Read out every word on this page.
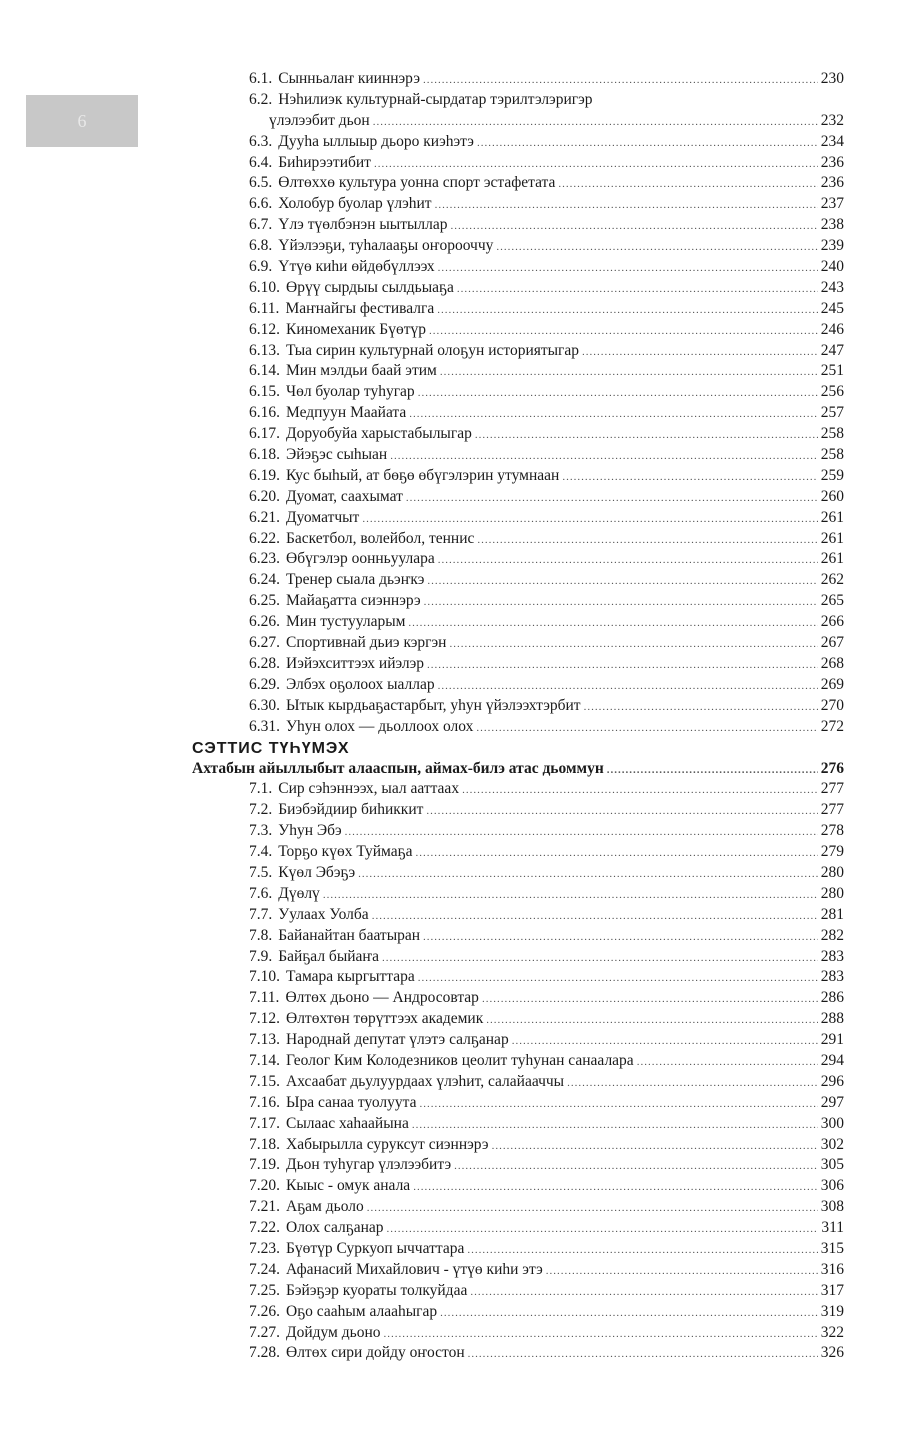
6
6.1. Сынньалаҥ кииннэрэ .....	230
6.2. Нэһилиэк культурнай-сырдатар тэрилтэлэригэр
үлэлээбит дьон .....	232
6.3. Дууһа ыллыыр дьоро киэһэтэ .....	234
6.4. Биһирээтибит .....	236
6.5. Өлтөххө культура уонна спорт эстафетата .....	236
6.6. Холобур буолар үлэһит .....	237
6.7. Үлэ түөлбэнэн ыытыллар .....	238
6.8. Үйэлээҕи, туһалааҕы оҥорооччу .....	239
6.9. Үтүө киһи өйдөбүллээх .....	240
6.10. Өрүү сырдыы сылдьыаҕа .....	243
6.11. Маҥнайгы фестивалга .....	245
6.12. Киномеханик Бүөтүр .....	246
6.13. Тыа сирин культурнай олоҕун историятыгар .....	247
6.14. Мин мэлдьи баай этим .....	251
6.15. Чөл буолар туһугар .....	256
6.16. Медпуун Маайата .....	257
6.17. Доруобуйа харыстабылыгар .....	258
6.18. Эйэҕэс сыһыан .....	258
6.19. Кус быһый, ат бөҕө өбүгэлэрин утумнаан .....	259
6.20. Дуомат, саахымат .....	260
6.21. Дуоматчыт .....	261
6.22. Баскетбол, волейбол, теннис .....	261
6.23. Өбүгэлэр оонньуулара .....	261
6.24. Тренер сыала дьэҥкэ .....	262
6.25. Майаҕатта сиэннэрэ .....	265
6.26. Мин тустууларым .....	266
6.27. Спортивнай дьиэ кэргэн .....	267
6.28. Иэйэхситтээх ийэлэр .....	268
6.29. Элбэх оҕолоох ыаллар .....	269
6.30. Ытык кырдьаҕастарбыт, уһун үйэлээхтэрбит .....	270
6.31. Уһун олох — дьоллоох олох .....	272
СЭТТИС ТҮҺҮМЭХ
Ахтабын айыллыбыт алааспын, аймах-билэ атас дьоммун .....	276
7.1. Сир сэһэннээх, ыал ааттаах .....	277
7.2. Биэбэйдиир биһиккит .....	277
7.3. Уһун Эбэ .....	278
7.4. Торҕо күөх Туймаҕа .....	279
7.5. Күөл Эбэҕэ .....	280
7.6. Дүөлү .....	280
7.7. Уулаах Уолба .....	281
7.8. Байанайтан баатыран .....	282
7.9. Байҕал быйаҥа .....	283
7.10. Тамара кыргыттара .....	283
7.11. Өлтөх дьоно — Андросовтар .....	286
7.12. Өлтөхтөн төрүттээх академик .....	288
7.13. Народнай депутат үлэтэ салҕанар .....	291
7.14. Геолог Ким Колодезников цеолит туһунан санаалара .....	294
7.15. Ахсаабат дьулуурдаах үлэһит, салайааччы .....	296
7.16. Ыра санаа туолуута .....	297
7.17. Сылаас хаһаайына .....	300
7.18. Хабырылла суруксут сиэннэрэ .....	302
7.19. Дьон туһугар үлэлээбитэ .....	305
7.20. Кыыс - омук анала .....	306
7.21. Аҕам дьоло .....	308
7.22. Олох салҕанар .....	311
7.23. Бүөтүр Суркуоп ыччаттара .....	315
7.24. Афанасий Михайлович - үтүө киһи этэ .....	316
7.25. Бэйэҕэр куораты толкуйдаа .....	317
7.26. Оҕо сааһым алааһыгар .....	319
7.27. Дойдум дьоно .....	322
7.28. Өлтөх сири дойду оҥостон .....	326
